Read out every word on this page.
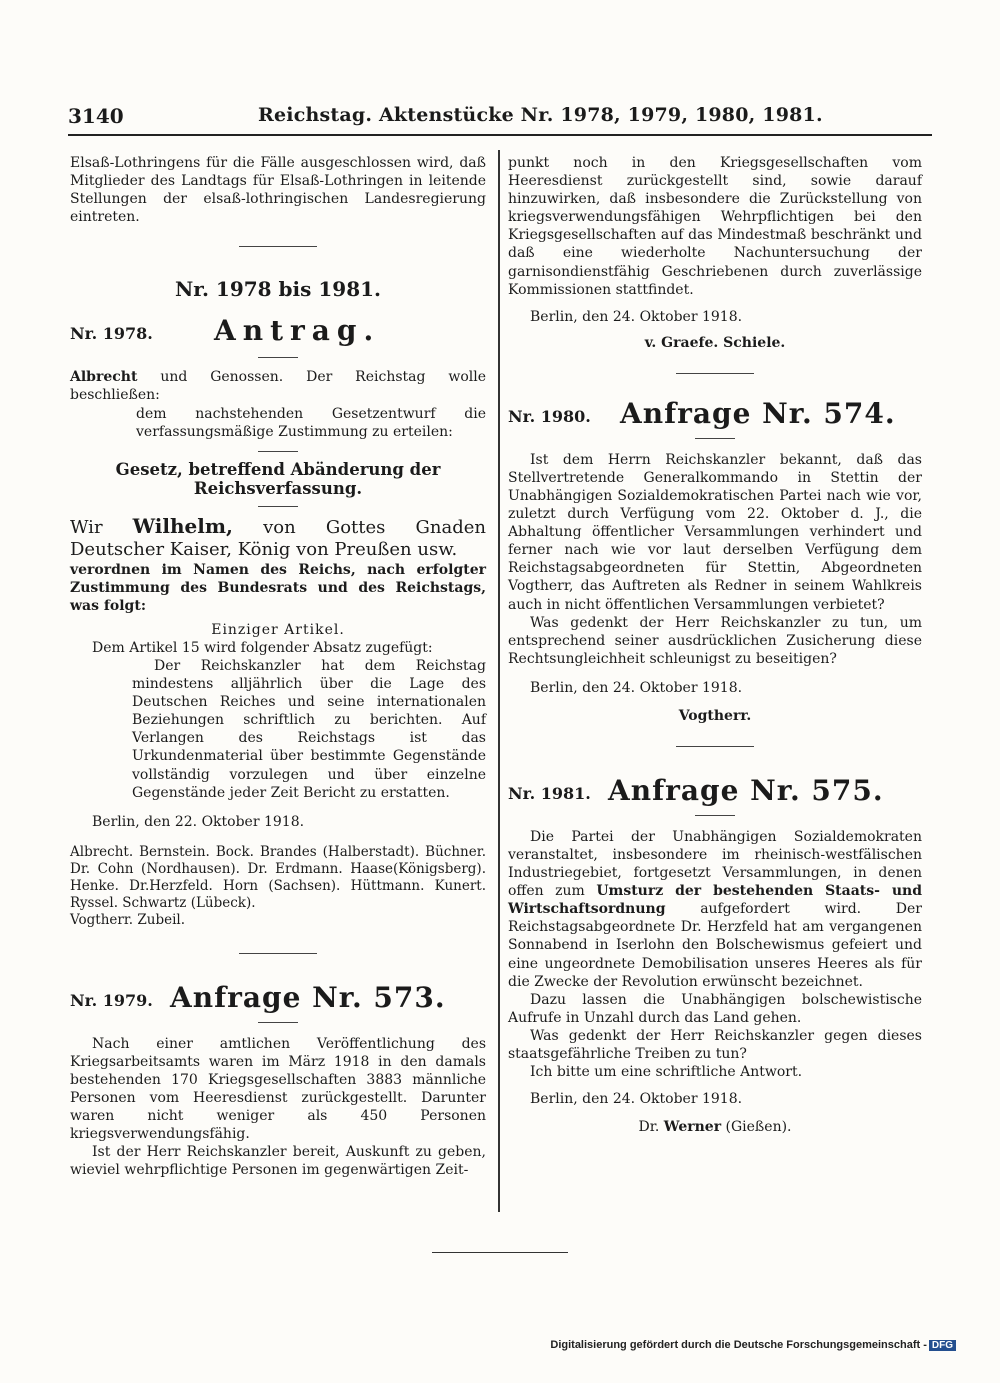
3140	Reichstag. Aktenstücke Nr. 1978, 1979, 1980, 1981.

Elsaß-Lothringens für die Fälle ausgeschlossen wird, daß Mitglieder des Landtags für Elsaß-Lothringen in leitende Stellungen der elsaß-lothringischen Landesregierung eintreten.

Nr. 1978 bis 1981.

Nr. 1978. Antrag.

Albrecht und Genossen. Der Reichstag wolle beschließen:

dem nachstehenden Gesetzentwurf die verfassungsmäßige Zustimmung zu erteilen:

Gesetz, betreffend Abänderung der Reichsverfassung.

Wir Wilhelm, von Gottes Gnaden Deutscher Kaiser, König von Preußen usw.

verordnen im Namen des Reichs, nach erfolgter Zustimmung des Bundesrats und des Reichstags, was folgt:

Einziger Artikel.

Dem Artikel 15 wird folgender Absatz zugefügt:

Der Reichskanzler hat dem Reichstag mindestens alljährlich über die Lage des Deutschen Reiches und seine internationalen Beziehungen schriftlich zu berichten. Auf Verlangen des Reichstags ist das Urkundenmaterial über bestimmte Gegenstände vollständig vorzulegen und über einzelne Gegenstände jeder Zeit Bericht zu erstatten.

Berlin, den 22. Oktober 1918.

Albrecht. Bernstein. Bock. Brandes (Halberstadt). Büchner. Dr. Cohn (Nordhausen). Dr. Erdmann. Haase(Königsberg). Henke. Dr.Herzfeld. Horn (Sachsen). Hüttmann. Kunert. Ryssel. Schwartz (Lübeck).

Vogtherr. Zubeil.

Nr. 1979. Anfrage Nr. 573.

Nach einer amtlichen Veröffentlichung des Kriegsarbeitsamts waren im März 1918 in den damals bestehenden 170 Kriegsgesellschaften 3883 männliche Personen vom Heeresdienst zurückgestellt. Darunter waren nicht weniger als 450 Personen kriegsverwendungsfähig.

Ist der Herr Reichskanzler bereit, Auskunft zu geben, wieviel wehrpflichtige Personen im gegenwärtigen Zeit-

punkt noch in den Kriegsgesellschaften vom Heeresdienst zurückgestellt sind, sowie darauf hinzuwirken, daß insbesondere die Zurückstellung von kriegsverwendungsfähigen Wehrpflichtigen bei den Kriegsgesellschaften auf das Mindestmaß beschränkt und daß eine wiederholte Nachuntersuchung der garnisondienstfähig Geschriebenen durch zuverlässige Kommissionen stattfindet.

Berlin, den 24. Oktober 1918.

v. Graefe. Schiele.

Nr. 1980. Anfrage Nr. 574.

Ist dem Herrn Reichskanzler bekannt, daß das Stellvertretende Generalkommando in Stettin der Unabhängigen Sozialdemokratischen Partei nach wie vor, zuletzt durch Verfügung vom 22. Oktober d. J., die Abhaltung öffentlicher Versammlungen verhindert und ferner nach wie vor laut derselben Verfügung dem Reichstagsabgeordneten für Stettin, Abgeordneten Vogtherr, das Auftreten als Redner in seinem Wahlkreis auch in nicht öffentlichen Versammlungen verbietet?

Was gedenkt der Herr Reichskanzler zu tun, um entsprechend seiner ausdrücklichen Zusicherung diese Rechtsungleichheit schleunigst zu beseitigen?

Berlin, den 24. Oktober 1918.

Vogtherr.

Nr. 1981. Anfrage Nr. 575.

Die Partei der Unabhängigen Sozialdemokraten veranstaltet, insbesondere im rheinisch-westfälischen Industriegebiet, fortgesetzt Versammlungen, in denen offen zum Umsturz der bestehenden Staats- und Wirtschaftsordnung aufgefordert wird. Der Reichstagsabgeordnete Dr. Herzfeld hat am vergangenen Sonnabend in Iserlohn den Bolschewismus gefeiert und eine ungeordnete Demobilisation unseres Heeres als für die Zwecke der Revolution erwünscht bezeichnet.

Dazu lassen die Unabhängigen bolschewistische Aufrufe in Unzahl durch das Land gehen.

Was gedenkt der Herr Reichskanzler gegen dieses staatsgefährliche Treiben zu tun?

Ich bitte um eine schriftliche Antwort.

Berlin, den 24. Oktober 1918.

Dr. Werner (Gießen).

Digitalisierung gefördert durch die Deutsche Forschungsgemeinschaft - DFG
